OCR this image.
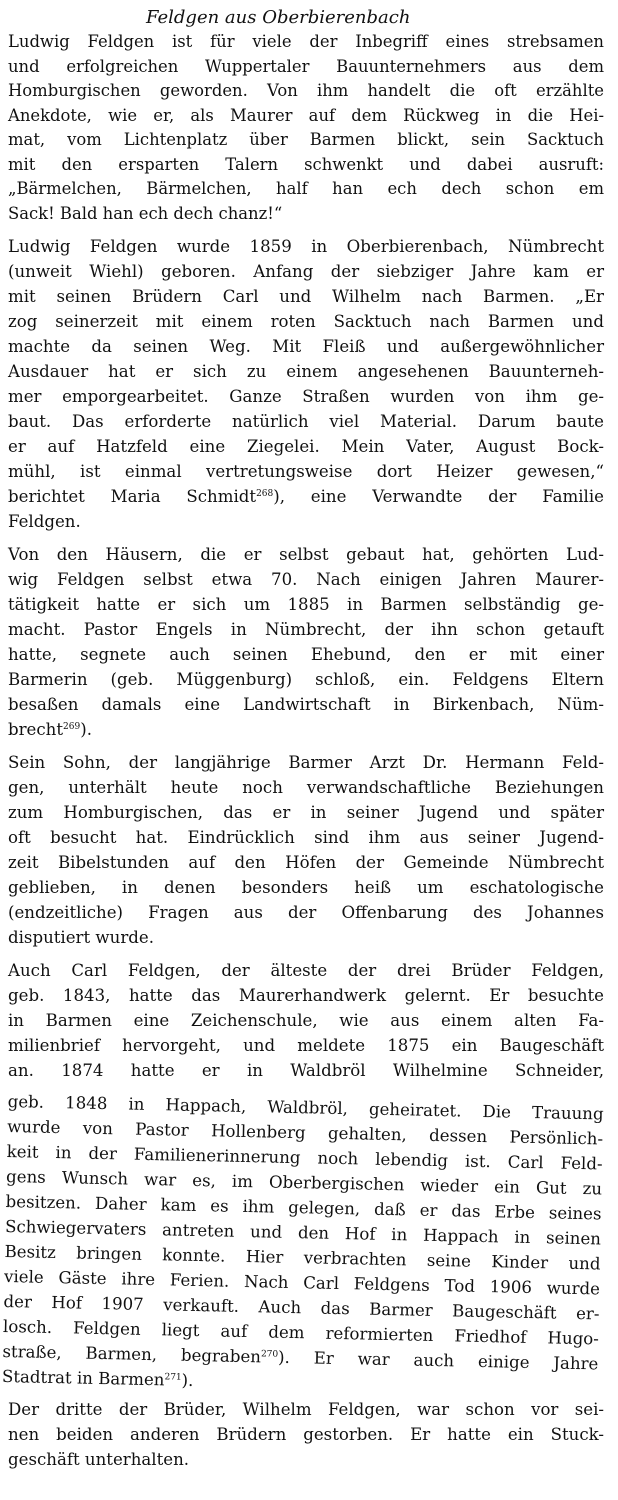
Feldgen aus Oberbierenbach
Ludwig Feldgen ist für viele der Inbegriff eines strebsamen
und erfolgreichen Wuppertaler Bauunternehmers aus dem
Homburgischen geworden. Von ihm handelt die oft erzählte
Anekdote, wie er, als Maurer auf dem Rückweg in die Hei-
mat, vom Lichtenplatz über Barmen blickt, sein Sacktuch
mit den ersparten Talern schwenkt und dabei ausruft:
„Bärmelchen, Bärmelchen, half han ech dech schon em
Sack! Bald han ech dech chanz!“
Ludwig Feldgen wurde 1859 in Oberbierenbach, Nümbrecht
(unweit Wiehl) geboren. Anfang der siebziger Jahre kam er
mit seinen Brüdern Carl und Wilhelm nach Barmen. „Er
zog seinerzeit mit einem roten Sacktuch nach Barmen und
machte da seinen Weg. Mit Fleiß und außergewöhnlicher
Ausdauer hat er sich zu einem angesehenen Bauunterneh-
mer emporgearbeitet. Ganze Straßen wurden von ihm ge-
baut. Das erforderte natürlich viel Material. Darum baute
er auf Hatzfeld eine Ziegelei. Mein Vater, August Bock-
mühl, ist einmal vertretungsweise dort Heizer gewesen,“
berichtet Maria Schmidt$^{268}$), eine Verwandte der Familie
Feldgen.
Von den Häusern, die er selbst gebaut hat, gehörten Lud-
wig Feldgen selbst etwa 70. Nach einigen Jahren Maurer-
tätigkeit hatte er sich um 1885 in Barmen selbständig ge-
macht. Pastor Engels in Nümbrecht, der ihn schon getauft
hatte, segnete auch seinen Ehebund, den er mit einer
Barmerin (geb. Müggenburg) schloß, ein. Feldgens Eltern
besaßen damals eine Landwirtschaft in Birkenbach, Nüm-
brecht$^{269}$).
Sein Sohn, der langjährige Barmer Arzt Dr. Hermann Feld-
gen, unterhält heute noch verwandschaftliche Beziehungen
zum Homburgischen, das er in seiner Jugend und später
oft besucht hat. Eindrücklich sind ihm aus seiner Jugend-
zeit Bibelstunden auf den Höfen der Gemeinde Nümbrecht
geblieben, in denen besonders heiß um eschatologische
(endzeitliche) Fragen aus der Offenbarung des Johannes
disputiert wurde.
Auch Carl Feldgen, der älteste der drei Brüder Feldgen,
geb. 1843, hatte das Maurerhandwerk gelernt. Er besuchte
in Barmen eine Zeichenschule, wie aus einem alten Fa-
milienbrief hervorgeht, und meldete 1875 ein Baugeschäft
an. 1874 hatte er in Waldbröl Wilhelmine Schneider,
geb. 1848 in Happach, Waldbröl, geheiratet. Die Trauung
wurde von Pastor Hollenberg gehalten, dessen Persönlich-
keit in der Familienerinnerung noch lebendig ist. Carl Feld-
gens Wunsch war es, im Oberbergischen wieder ein Gut zu
besitzen. Daher kam es ihm gelegen, daß er das Erbe seines
Schwiegervaters antreten und den Hof in Happach in seinen
Besitz bringen konnte. Hier verbrachten seine Kinder und
viele Gäste ihre Ferien. Nach Carl Feldgens Tod 1906 wurde
der Hof 1907 verkauft. Auch das Barmer Baugeschäft er-
losch. Feldgen liegt auf dem reformierten Friedhof Hugo-
straße, Barmen, begraben$^{270}$). Er war auch einige Jahre
Stadtrat in Barmen$^{271}$).
Der dritte der Brüder, Wilhelm Feldgen, war schon vor sei-
nen beiden anderen Brüdern gestorben. Er hatte ein Stuck-
geschäft unterhalten.
